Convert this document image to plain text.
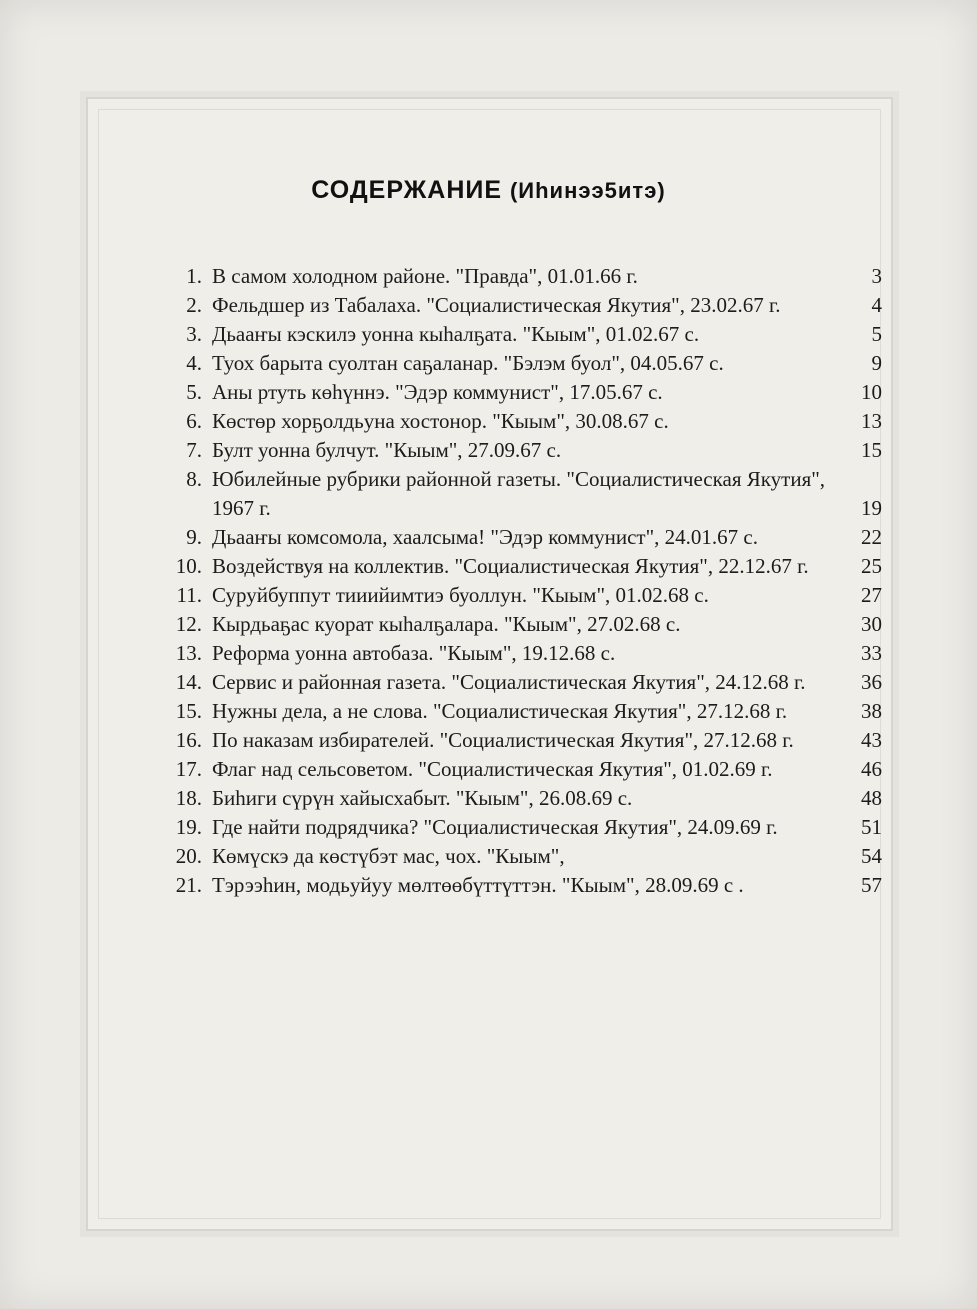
СОДЕРЖАНИЕ (Иhинээ5итэ)
1. В самом холодном районе. "Правда", 01.01.66 г.	3
2. Фельдшер из Табалаха. "Социалистическая Якутия", 23.02.67 г.	4
3. Дьааҥы кэскилэ уонна кыһалҕата. "Кыым", 01.02.67 с.	5
4. Туох барыта суолтан саҕаланар. "Бэлэм буол", 04.05.67 с.	9
5. Аны ртуть көһүннэ. "Эдэр коммунист", 17.05.67 с.	10
6. Көстөр хорҕолдьуна хостонор. "Кыым", 30.08.67 с.	13
7. Булт уонна булчут. "Кыым", 27.09.67 с.	15
8. Юбилейные рубрики районной газеты. "Социалистическая Якутия", 1967 г.	19
9. Дьааҥы комсомола, хаалсыма! "Эдэр коммунист", 24.01.67 с.	22
10. Воздействуя на коллектив. "Социалистическая Якутия", 22.12.67 г.	25
11. Суруйбуппут тииийимтиэ буоллун. "Кыым", 01.02.68 с.	27
12. Кырдьаҕас куорат кыһалҕалара. "Кыым", 27.02.68 с.	30
13. Реформа уонна автобаза. "Кыым", 19.12.68 с.	33
14. Сервис и районная газета. "Социалистическая Якутия", 24.12.68 г.	36
15. Нужны дела, а не слова. "Социалистическая Якутия", 27.12.68 г.	38
16. По наказам избирателей. "Социалистическая Якутия", 27.12.68 г.	43
17. Флаг над сельсоветом. "Социалистическая Якутия", 01.02.69 г.	46
18. Биһиги сүрүн хайысхабыт. "Кыым", 26.08.69 с.	48
19. Где найти подрядчика? "Социалистическая Якутия", 24.09.69 г.	51
20. Көмүскэ да көстүбэт мас, чох. "Кыым",	54
21. Тэрээһин, модьуйуу мөлтөөбүттүттэн. "Кыым", 28.09.69 с .	57
